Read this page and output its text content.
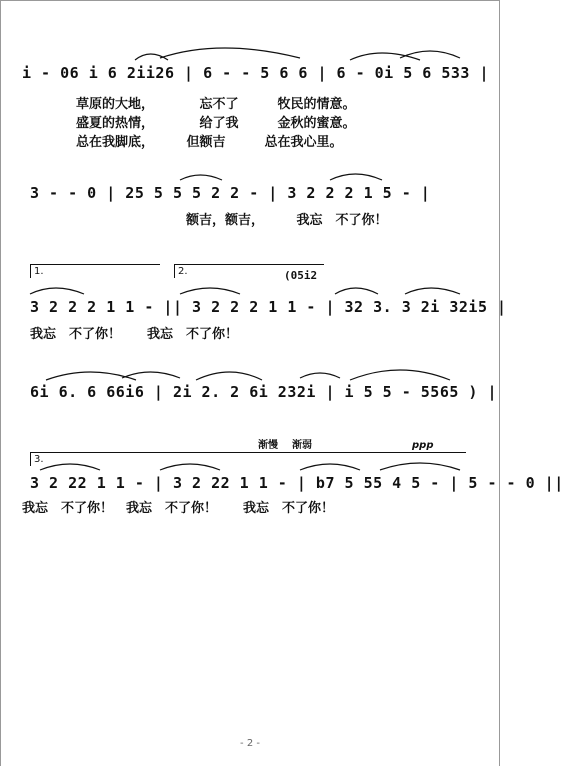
i - 06 i 6 2ii26 | 6 - - 5 6 6 | 6 - 0i 5 6 533 |
草原的大地，　　　　忘不了　　　牧民的情意。
盛夏的热情，　　　　给了我　　　金秋的蜜意。
总在我脚底，　　　但额吉　　　总在我心里。
3 - - 0 | 25 5 5 5 2 2 - | 3 2 2 2 1 5 - |
额吉，额吉，　　　我忘　不了你！
1.	2.	(05i2
3 2 2 2 1 1 - || 3 2 2 2 1 1 - | 32 3. 3 2i 32i5 |
我忘　不了你！　　我忘　不了你！
6i 6. 6 66i6 | 2i 2. 2 6i 232i | i 5 5 - 5565 ) |
3.
渐慢 渐弱	ppp
3 2 22 1 1 - | 3 2 22 1 1 - | b7 5 55 4 5 - | 5 - - 0 ||
我忘　不了你！　我忘　不了你！　　我忘　不了你！
- 2 -
